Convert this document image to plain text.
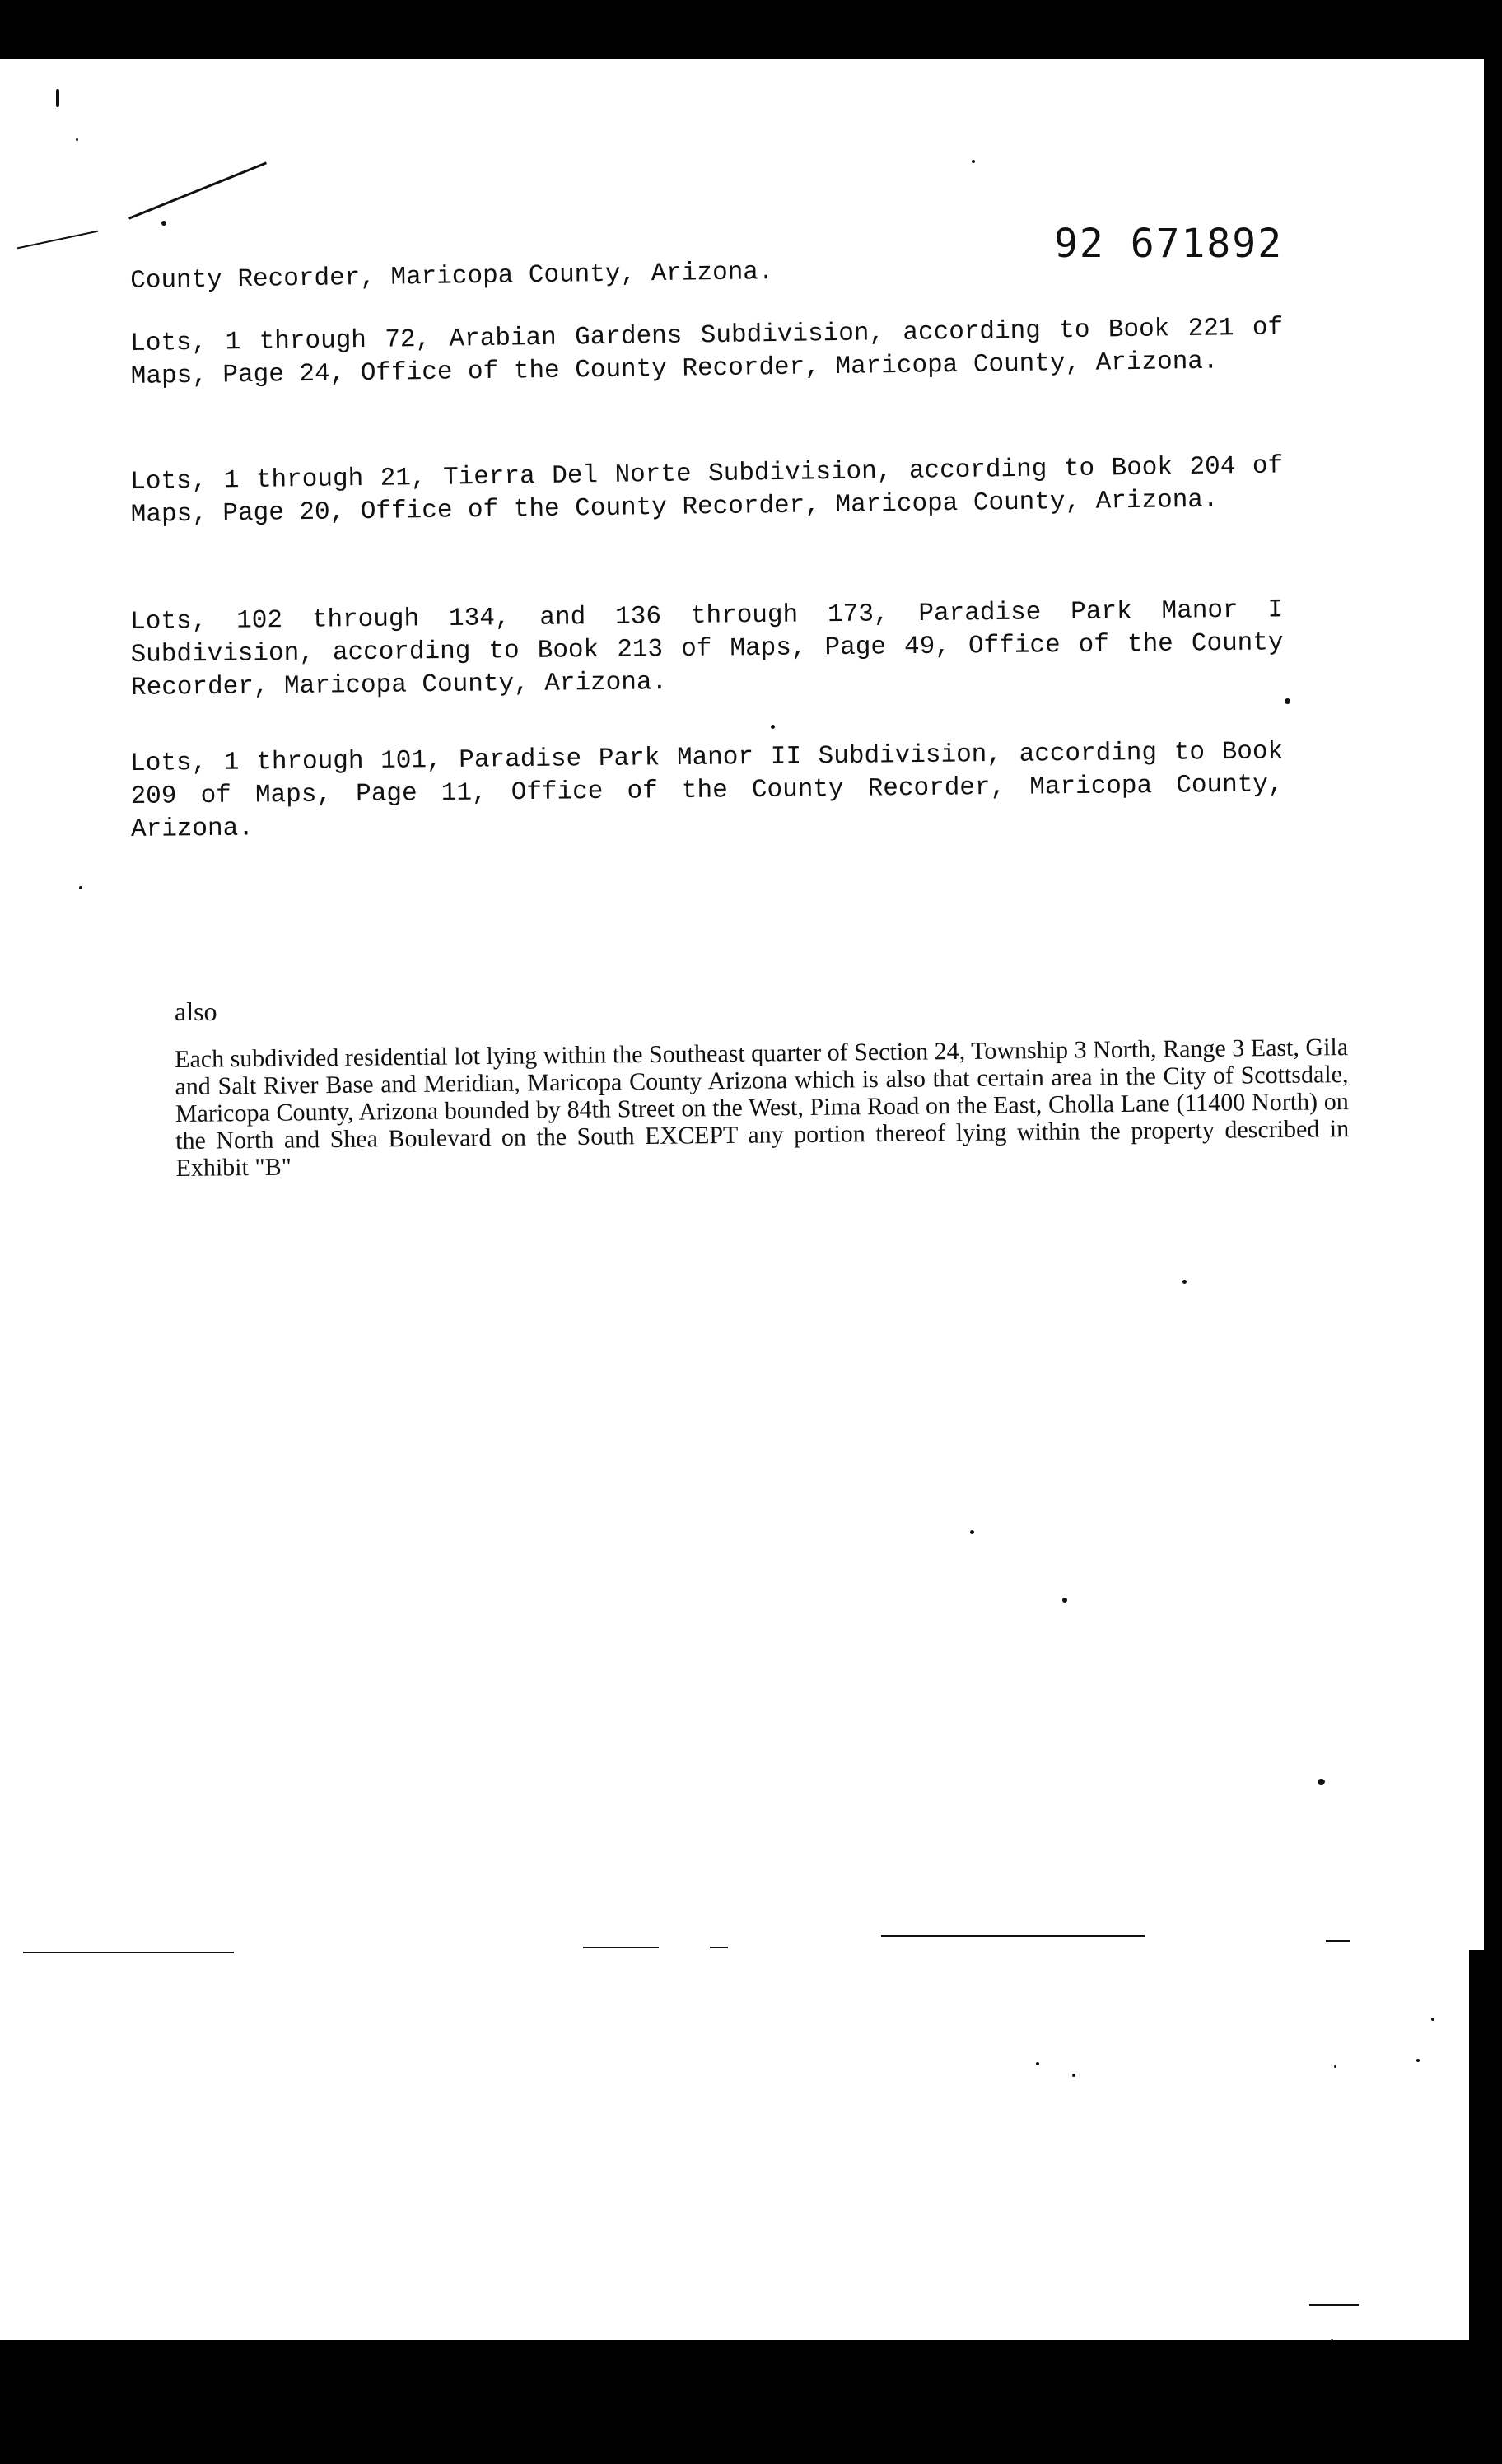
92 671892

County Recorder, Maricopa County, Arizona.

Lots, 1 through 72, Arabian Gardens Subdivision, according to Book 221 of Maps, Page 24, Office of the County Recorder, Maricopa County, Arizona.

Lots, 1 through 21, Tierra Del Norte Subdivision, according to Book 204 of Maps, Page 20, Office of the County Recorder, Maricopa County, Arizona.

Lots, 102 through 134, and 136 through 173, Paradise Park Manor I Subdivision, according to Book 213 of Maps, Page 49, Office of the County Recorder, Maricopa County, Arizona.

Lots, 1 through 101, Paradise Park Manor II Subdivision, according to Book 209 of Maps, Page 11, Office of the County Recorder, Maricopa County, Arizona.

also

Each subdivided residential lot lying within the Southeast quarter of Section 24, Township 3 North, Range 3 East, Gila and Salt River Base and Meridian, Maricopa County Arizona which is also that certain area in the City of Scottsdale, Maricopa County, Arizona bounded by 84th Street on the West, Pima Road on the East, Cholla Lane (11400 North) on the North and Shea Boulevard on the South EXCEPT any portion thereof lying within the property described in Exhibit "B"
